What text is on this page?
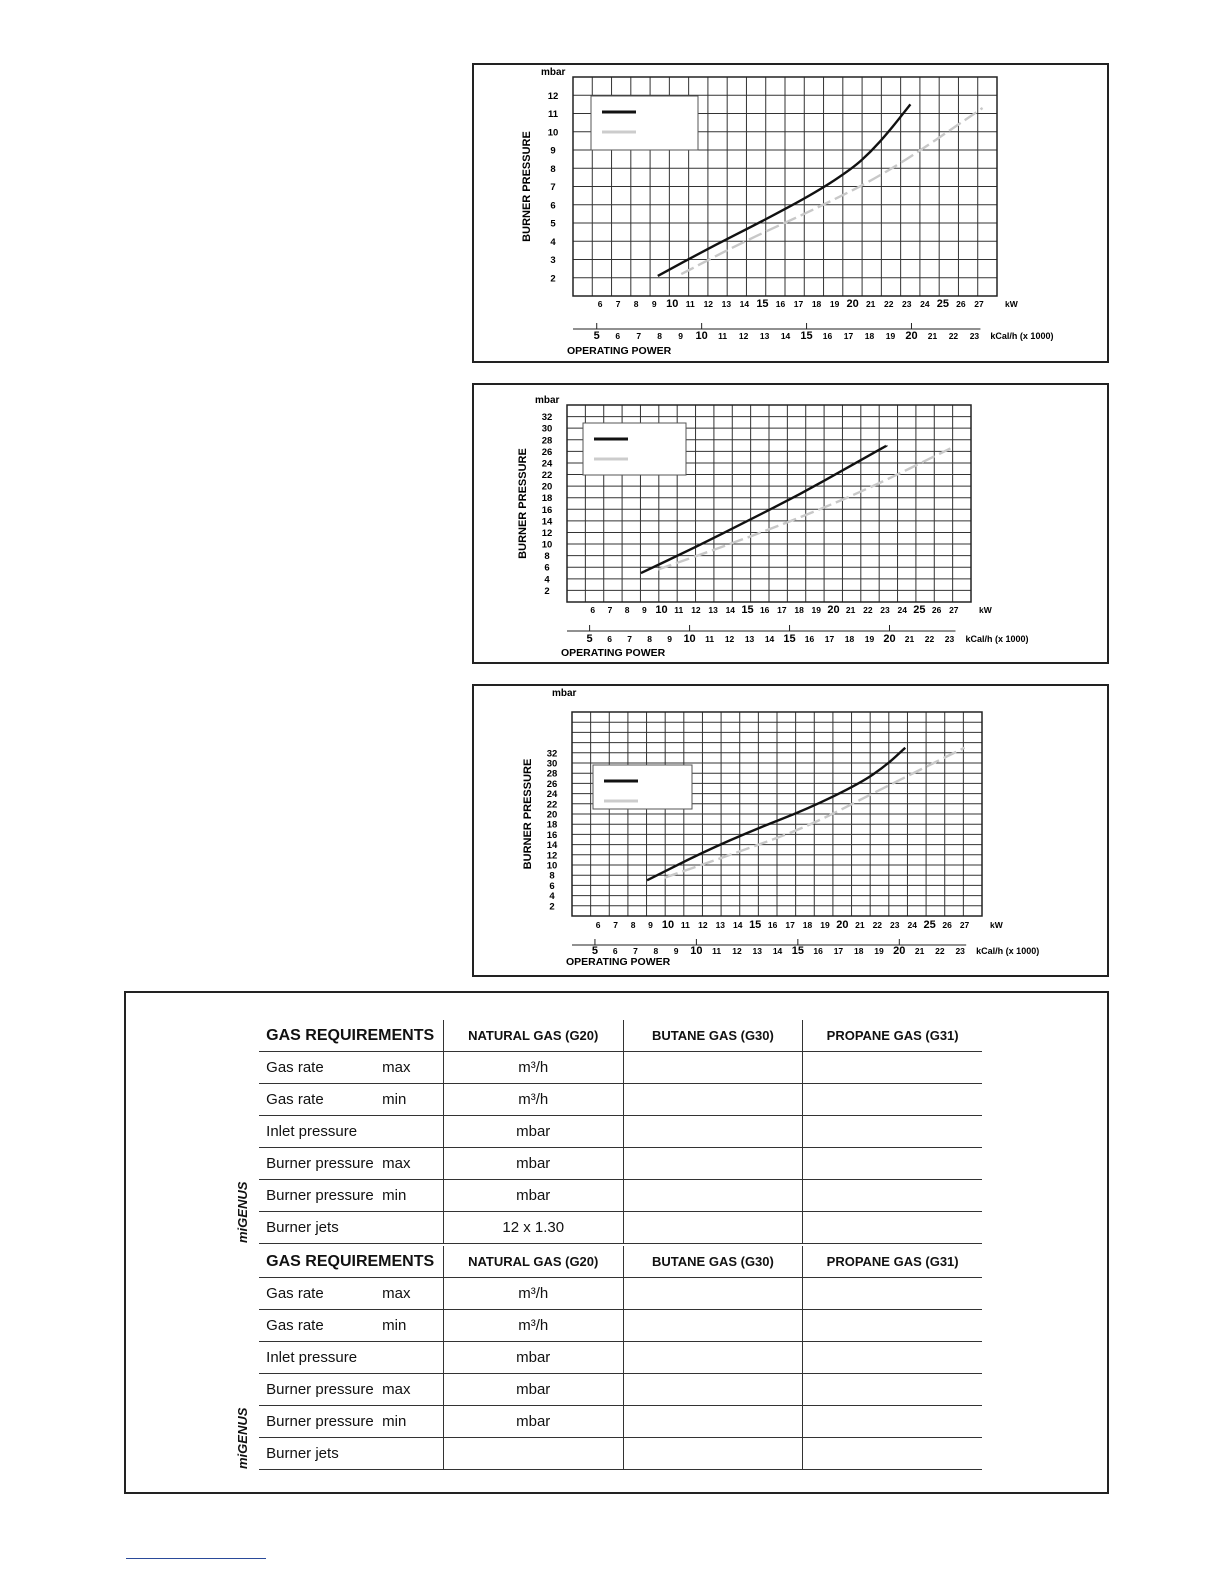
mbar
2
3
4
5
6
7
8
9
10
11
12
BURNER PRESSURE
6 7 8 9 10 11 12 13 14 15 16 17 18 19 20 21 22 23 24 25 26 27	kW
5 6 7 8 9 10 11 12 13 14 15 16 17 18 19 20 21 22 23 kCal/h (x 1000)
OPERATING POWER
mbar
2
4
6
8
10
12
14
16
18
20
22
24
26
28
30
32
BURNER PRESSURE
6 7 8 9 10 11 12 13 14 15 16 17 18 19 20 21 22 23 24 25 26 27 kW
5 6 7 8 9 10 11 12 13 14 15 16 17 18 19 20 21 22 23 kCal/h (x 1000)
OPERATING POWER
mbar
2
4
6
8
10
12
14
16
18
20
22
24
26
28
30
32
BURNER PRESSURE
6 7 8 9 10 11 12 13 14 15 16 17 18 19 20 21 22 23 24 25 26 27 kW
5 6 7 8 9 10 11 12 13 14 15 16 17 18 19 20 21 22 23 kCal/h (x 1000)
OPERATING POWER
miGENUS
	GAS REQUIREMENTS	NATURAL GAS (G20)	BUTANE GAS (G30)	PROPANE GAS (G31)
	Gas rate max	m³/h		
	Gas rate min	m³/h		
	Inlet pressure	mbar		
	Burner pressure max	mbar		
	Burner pressure min	mbar		
	Burner jets	12 x 1.30		
miGENUS
	GAS REQUIREMENTS	NATURAL GAS (G20)	BUTANE GAS (G30)	PROPANE GAS (G31)
	Gas rate max	m³/h		
	Gas rate min	m³/h		
	Inlet pressure	mbar		
	Burner pressure max	mbar		
	Burner pressure min	mbar		
	Burner jets			
